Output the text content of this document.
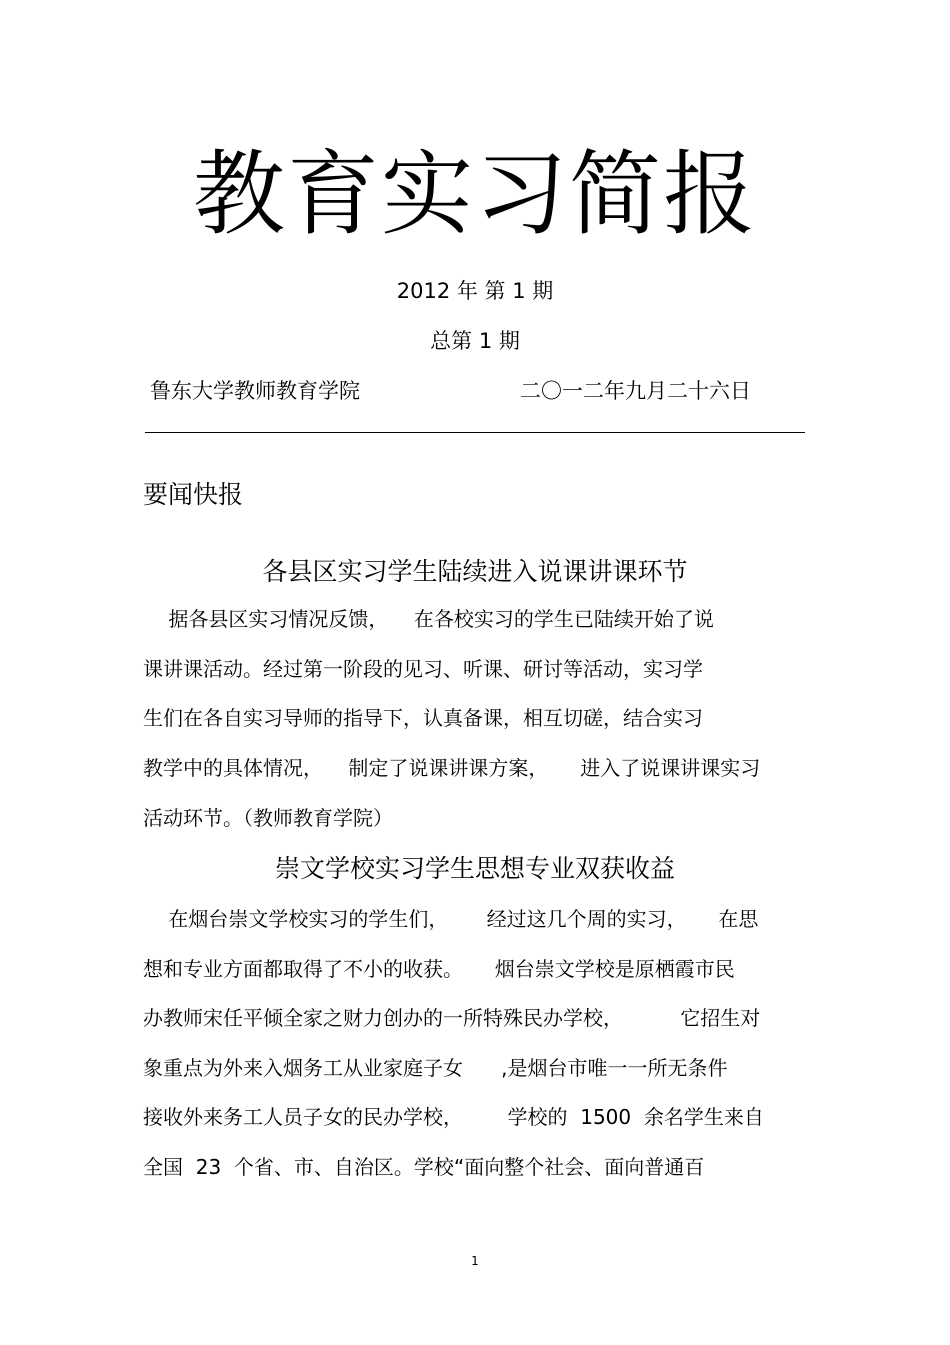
教育实习简报
2012 年 第 1 期
总第 1 期
鲁东大学教师教育学院	二〇一二年九月二十六日
要闻快报
各县区实习学生陆续进入说课讲课环节
据各县区实习情况反馈，    在各校实习的学生已陆续开始了说
课讲课活动。经过第一阶段的见习、听课、研讨等活动，实习学
生们在各自实习导师的指导下，认真备课，相互切磋，结合实习
教学中的具体情况，    制定了说课讲课方案，     进入了说课讲课实习
活动环节。（教师教育学院）
崇文学校实习学生思想专业双获收益
在烟台崇文学校实习的学生们，      经过这几个周的实习，     在思
想和专业方面都取得了不小的收获。     烟台崇文学校是原栖霞市民
办教师宋任平倾全家之财力创办的一所特殊民办学校，         它招生对
象重点为外来入烟务工从业家庭子女      ,是烟台市唯一一所无条件
接收外来务工人员子女的民办学校，       学校的  1500  余名学生来自
全国  23  个省、市、自治区。学校“面向整个社会、面向普通百
1
